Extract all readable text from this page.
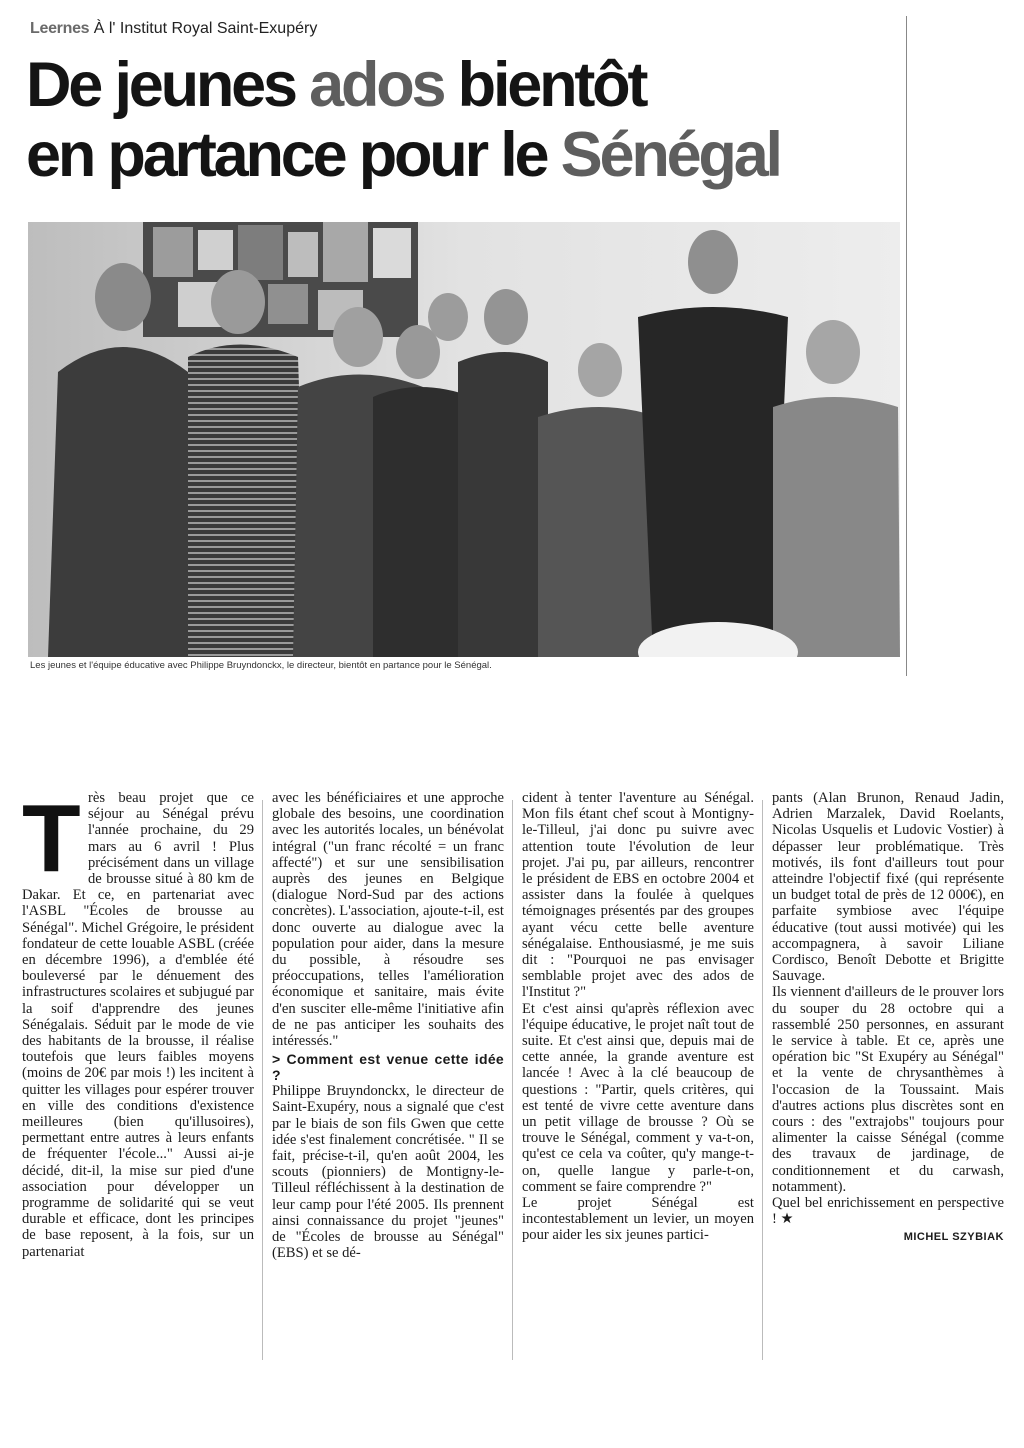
Leernes À l' Institut Royal Saint-Exupéry
De jeunes ados bientôt
en partance pour le Sénégal
Les jeunes et l'équipe éducative avec Philippe Bruyndonckx, le directeur, bientôt en partance pour le Sénégal.
T rès beau projet que ce séjour au Sénégal prévu l'année prochaine, du 29 mars au 6 avril ! Plus précisément dans un village de brousse situé à 80 km de Dakar. Et ce, en partenariat avec l'ASBL "Écoles de brousse au Sénégal". Michel Grégoire, le président fondateur de cette louable ASBL (créée en décembre 1996), a d'emblée été bouleversé par le dénuement des infrastructures scolaires et subjugué par la soif d'apprendre des jeunes Sénégalais. Séduit par le mode de vie des habitants de la brousse, il réalise toutefois que leurs faibles moyens (moins de 20€ par mois !) les incitent à quitter les villages pour espérer trouver en ville des conditions d'existence meilleures (bien qu'illusoires), permettant entre autres à leurs enfants de fréquenter l'école..." Aussi ai-je décidé, dit-il, la mise sur pied d'une association pour développer un programme de solidarité qui se veut durable et efficace, dont les principes de base reposent, à la fois, sur un partenariat

avec les bénéficiaires et une approche globale des besoins, une coordination avec les autorités locales, un bénévolat intégral ("un franc récolté = un franc affecté") et sur une sensibilisation auprès des jeunes en Belgique (dialogue Nord-Sud par des actions concrètes). L'association, ajoute-t-il, est donc ouverte au dialogue avec la population pour aider, dans la mesure du possible, à résoudre ses préoccupations, telles l'amélioration économique et sanitaire, mais évite d'en susciter elle-même l'initiative afin de ne pas anticiper les souhaits des intéressés."

> Comment est venue cette idée ?

Philippe Bruyndonckx, le directeur de Saint-Exupéry, nous a signalé que c'est par le biais de son fils Gwen que cette idée s'est finalement concrétisée. " Il se fait, précise-t-il, qu'en août 2004, les scouts (pionniers) de Montigny-le-Tilleul réfléchissent à la destination de leur camp pour l'été 2005. Ils prennent ainsi connaissance du projet "jeunes" de "Écoles de brousse au Sénégal" (EBS) et se dé-

cident à tenter l'aventure au Sénégal. Mon fils étant chef scout à Montigny-le-Tilleul, j'ai donc pu suivre avec attention toute l'évolution de leur projet. J'ai pu, par ailleurs, rencontrer le président de EBS en octobre 2004 et assister dans la foulée à quelques témoignages présentés par des groupes ayant vécu cette belle aventure sénégalaise. Enthousiasmé, je me suis dit : "Pourquoi ne pas envisager semblable projet avec des ados de l'Institut ?"

Et c'est ainsi qu'après réflexion avec l'équipe éducative, le projet naît tout de suite. Et c'est ainsi que, depuis mai de cette année, la grande aventure est lancée ! Avec à la clé beaucoup de questions : "Partir, quels critères, qui est tenté de vivre cette aventure dans un petit village de brousse ? Où se trouve le Sénégal, comment y va-t-on, qu'est ce cela va coûter, qu'y mange-t-on, quelle langue y parle-t-on, comment se faire comprendre ?"

Le projet Sénégal est incontestablement un levier, un moyen pour aider les six jeunes partici-

pants (Alan Brunon, Renaud Jadin, Adrien Marzalek, David Roelants, Nicolas Usquelis et Ludovic Vostier) à dépasser leur problématique. Très motivés, ils font d'ailleurs tout pour atteindre l'objectif fixé (qui représente un budget total de près de 12 000€), en parfaite symbiose avec l'équipe éducative (tout aussi motivée) qui les accompagnera, à savoir Liliane Cordisco, Benoît Debotte et Brigitte Sauvage.

Ils viennent d'ailleurs de le prouver lors du souper du 28 octobre qui a rassemblé 250 personnes, en assurant le service à table. Et ce, après une opération bic "St Exupéry au Sénégal" et la vente de chrysanthèmes à l'occasion de la Toussaint. Mais d'autres actions plus discrètes sont en cours : des "extrajobs" toujours pour alimenter la caisse Sénégal (comme des travaux de jardinage, de conditionnement et du carwash, notamment).

Quel bel enrichissement en perspective ! ★

MICHEL SZYBIAK
